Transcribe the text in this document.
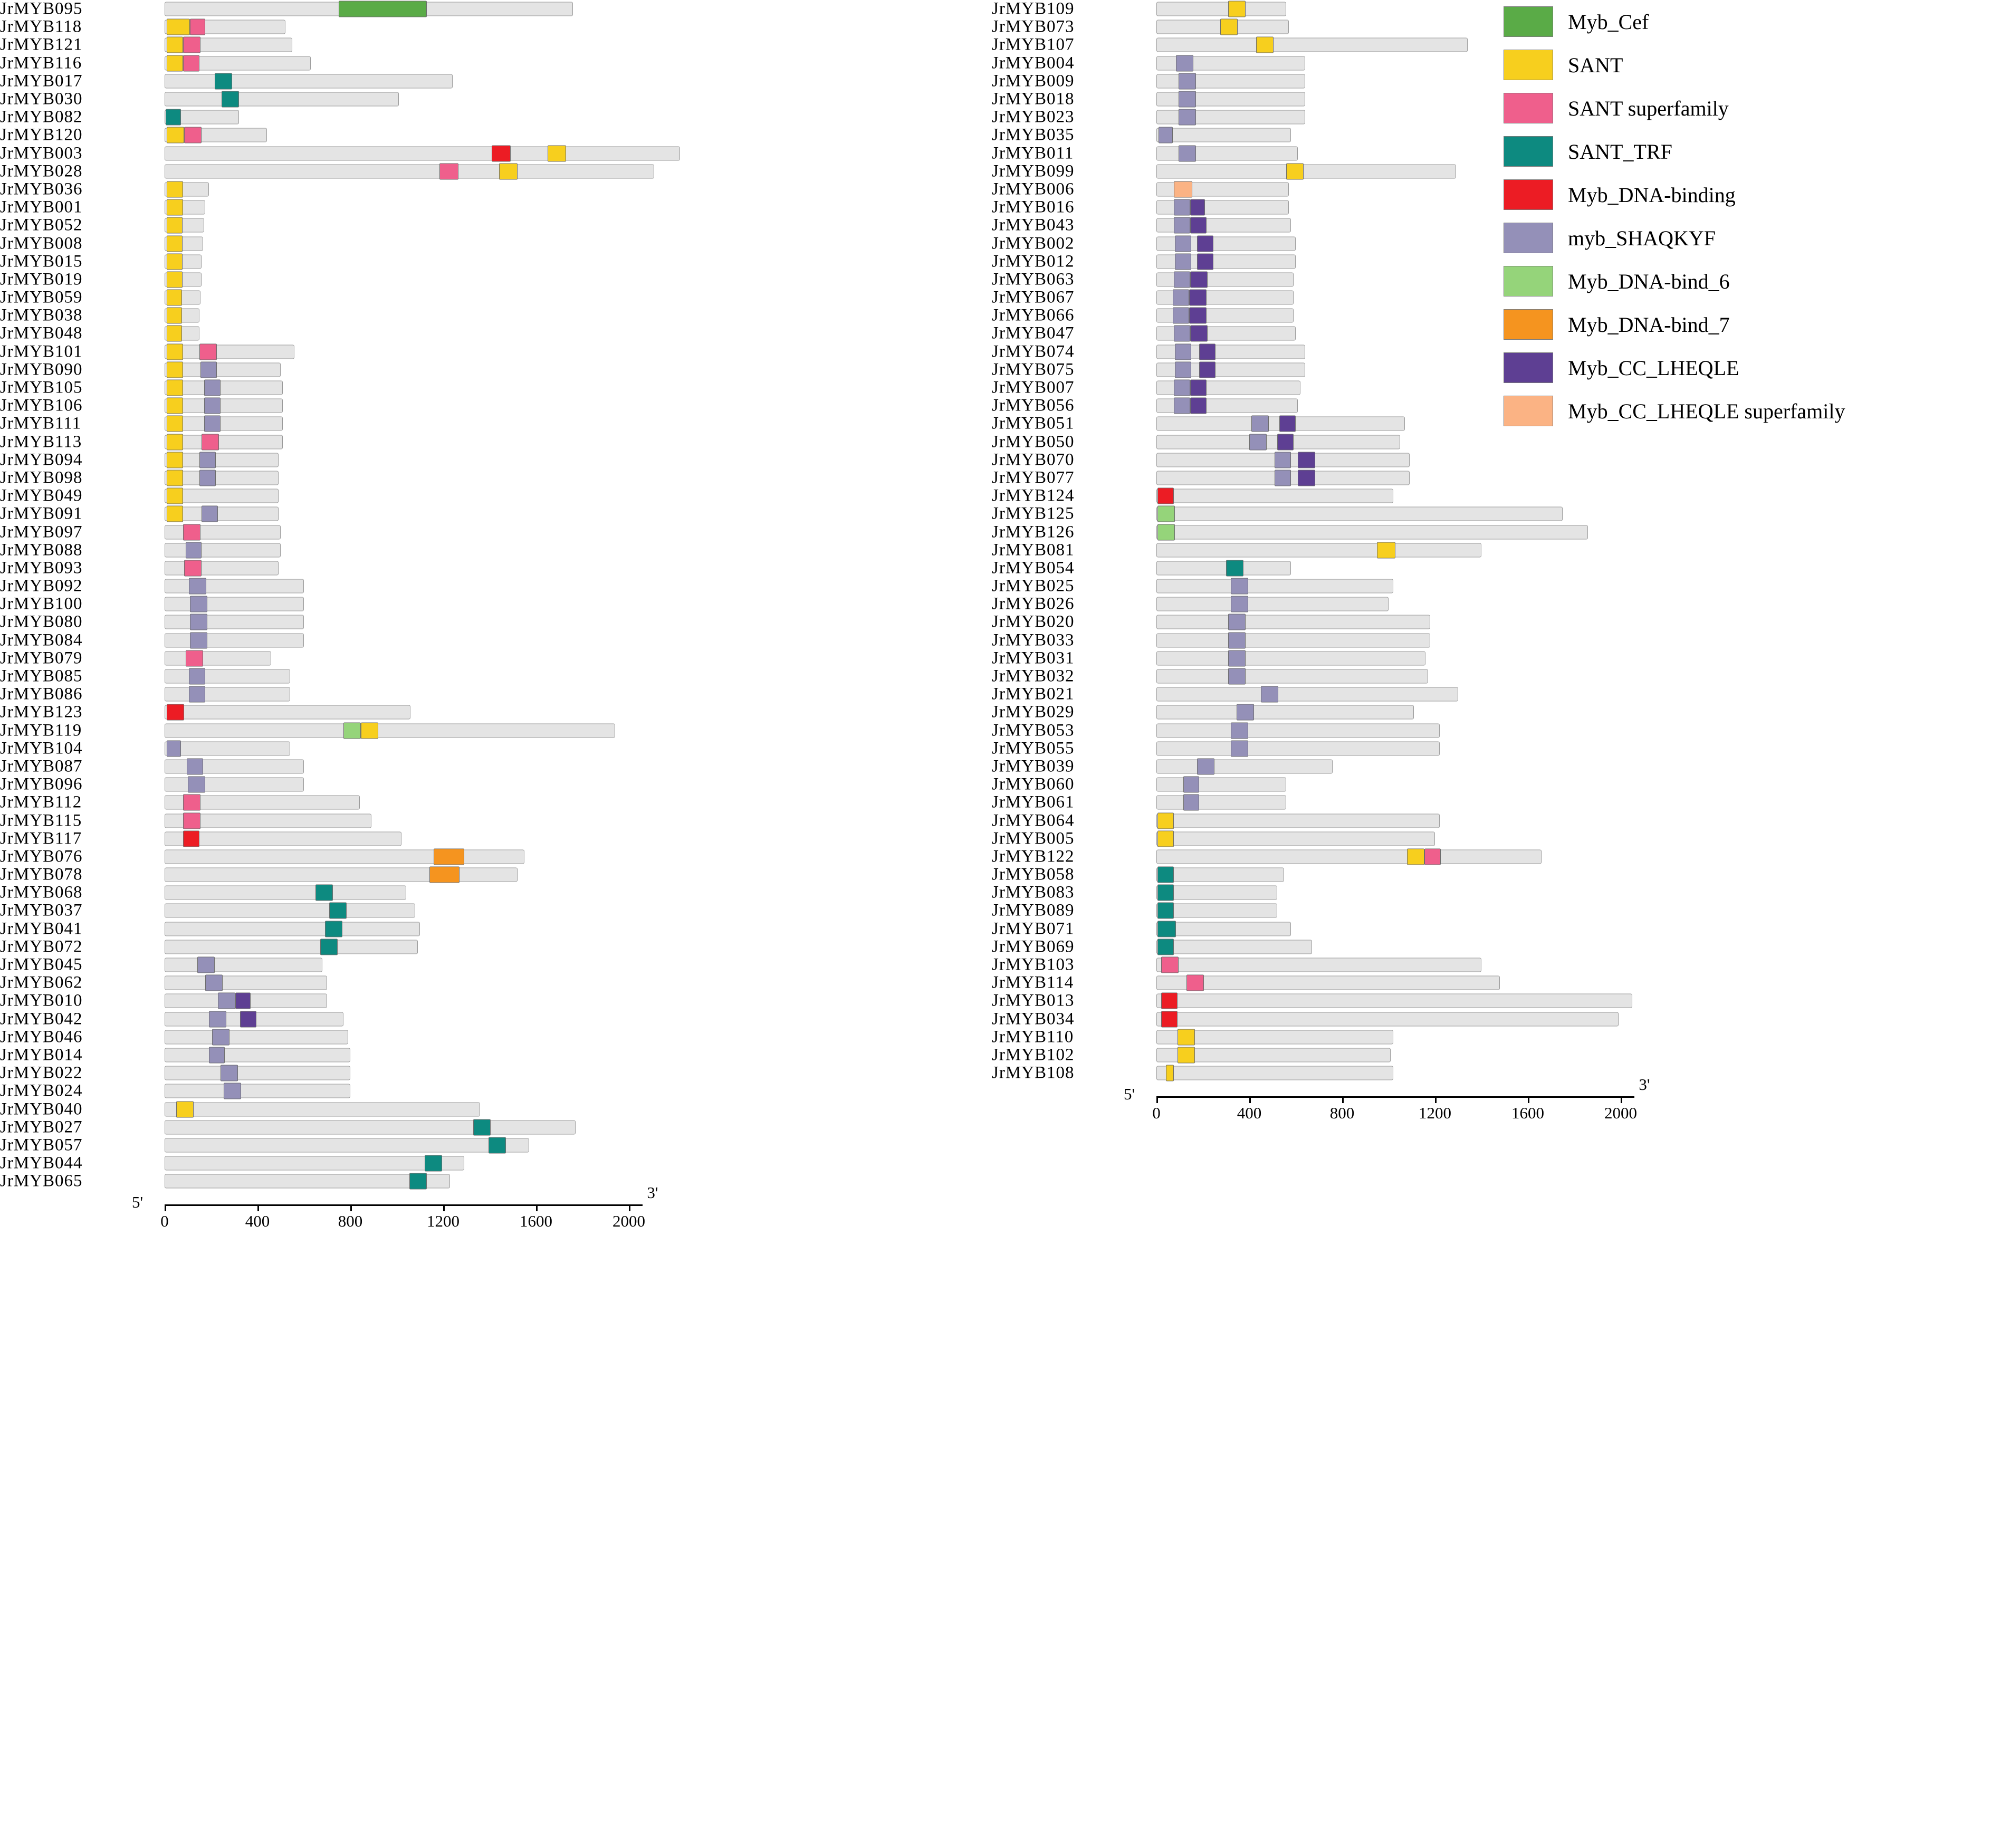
JrMYB095
JrMYB118
JrMYB121
JrMYB116
JrMYB017
JrMYB030
JrMYB082
JrMYB120
JrMYB003
JrMYB028
JrMYB036
JrMYB001
JrMYB052
JrMYB008
JrMYB015
JrMYB019
JrMYB059
JrMYB038
JrMYB048
JrMYB101
JrMYB090
JrMYB105
JrMYB106
JrMYB111
JrMYB113
JrMYB094
JrMYB098
JrMYB049
JrMYB091
JrMYB097
JrMYB088
JrMYB093
JrMYB092
JrMYB100
JrMYB080
JrMYB084
JrMYB079
JrMYB085
JrMYB086
JrMYB123
JrMYB119
JrMYB104
JrMYB087
JrMYB096
JrMYB112
JrMYB115
JrMYB117
JrMYB076
JrMYB078
JrMYB068
JrMYB037
JrMYB041
JrMYB072
JrMYB045
JrMYB062
JrMYB010
JrMYB042
JrMYB046
JrMYB014
JrMYB022
JrMYB024
JrMYB040
JrMYB027
JrMYB057
JrMYB044
JrMYB065
0	400	800	1200	1600	2000
5'
3'
JrMYB109
JrMYB073
JrMYB107
JrMYB004
JrMYB009
JrMYB018
JrMYB023
JrMYB035
JrMYB011
JrMYB099
JrMYB006
JrMYB016
JrMYB043
JrMYB002
JrMYB012
JrMYB063
JrMYB067
JrMYB066
JrMYB047
JrMYB074
JrMYB075
JrMYB007
JrMYB056
JrMYB051
JrMYB050
JrMYB070
JrMYB077
JrMYB124
JrMYB125
JrMYB126
JrMYB081
JrMYB054
JrMYB025
JrMYB026
JrMYB020
JrMYB033
JrMYB031
JrMYB032
JrMYB021
JrMYB029
JrMYB053
JrMYB055
JrMYB039
JrMYB060
JrMYB061
JrMYB064
JrMYB005
JrMYB122
JrMYB058
JrMYB083
JrMYB089
JrMYB071
JrMYB069
JrMYB103
JrMYB114
JrMYB013
JrMYB034
JrMYB110
JrMYB102
JrMYB108
0	400	800	1200	1600	2000
5'
3'
Myb_Cef
SANT
SANT superfamily
SANT_TRF
Myb_DNA-binding
myb_SHAQKYF
Myb_DNA-bind_6
Myb_DNA-bind_7
Myb_CC_LHEQLE
Myb_CC_LHEQLE superfamily
